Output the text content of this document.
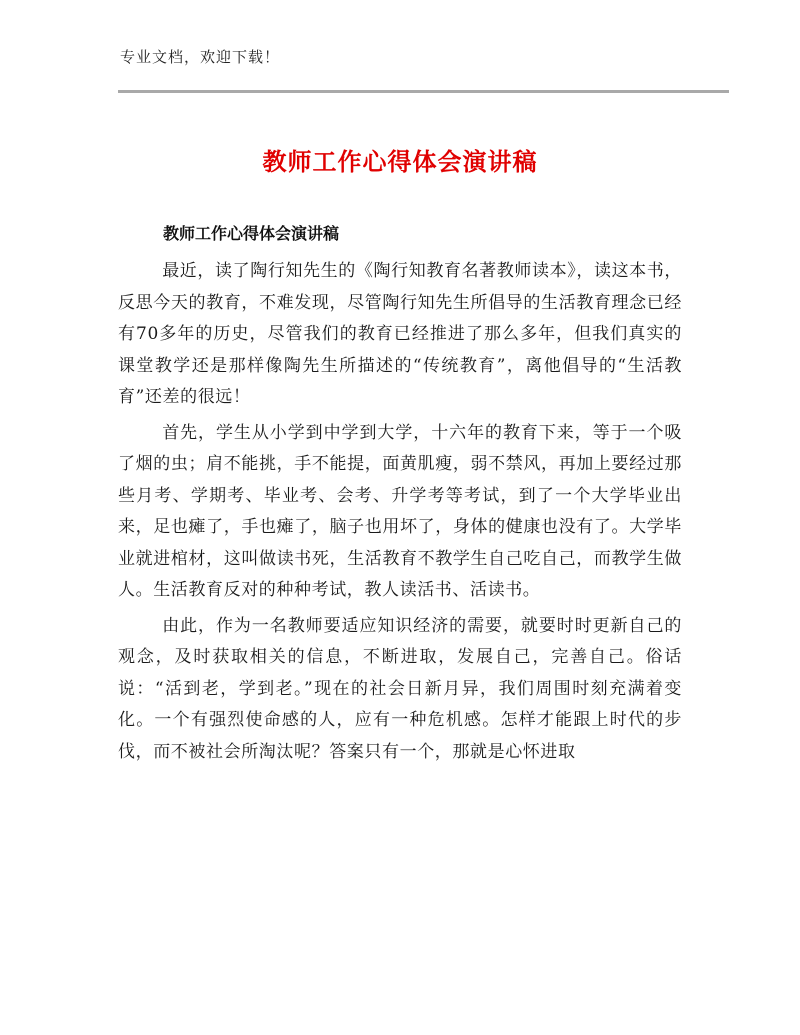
专业文档，欢迎下载！
教师工作心得体会演讲稿
教师工作心得体会演讲稿

最近，读了陶行知先生的《陶行知教育名著教师读本》，读这本书，反思今天的教育，不难发现，尽管陶行知先生所倡导的生活教育理念已经有70多年的历史，尽管我们的教育已经推进了那么多年，但我们真实的课堂教学还是那样像陶先生所描述的“传统教育”，离他倡导的“生活教育”还差的很远！

首先，学生从小学到中学到大学，十六年的教育下来，等于一个吸了烟的虫；肩不能挑，手不能提，面黄肌瘦，弱不禁风，再加上要经过那些月考、学期考、毕业考、会考、升学考等考试，到了一个大学毕业出来，足也瘫了，手也瘫了，脑子也用坏了，身体的健康也没有了。大学毕业就进棺材，这叫做读书死，生活教育不教学生自己吃自己，而教学生做人。生活教育反对的种种考试，教人读活书、活读书。

由此，作为一名教师要适应知识经济的需要，就要时时更新自己的观念，及时获取相关的信息，不断进取，发展自己，完善自己。俗话说：“活到老，学到老。”现在的社会日新月异，我们周围时刻充满着变化。一个有强烈使命感的人，应有一种危机感。怎样才能跟上时代的步伐，而不被社会所淘汰呢？答案只有一个，那就是心怀进取
